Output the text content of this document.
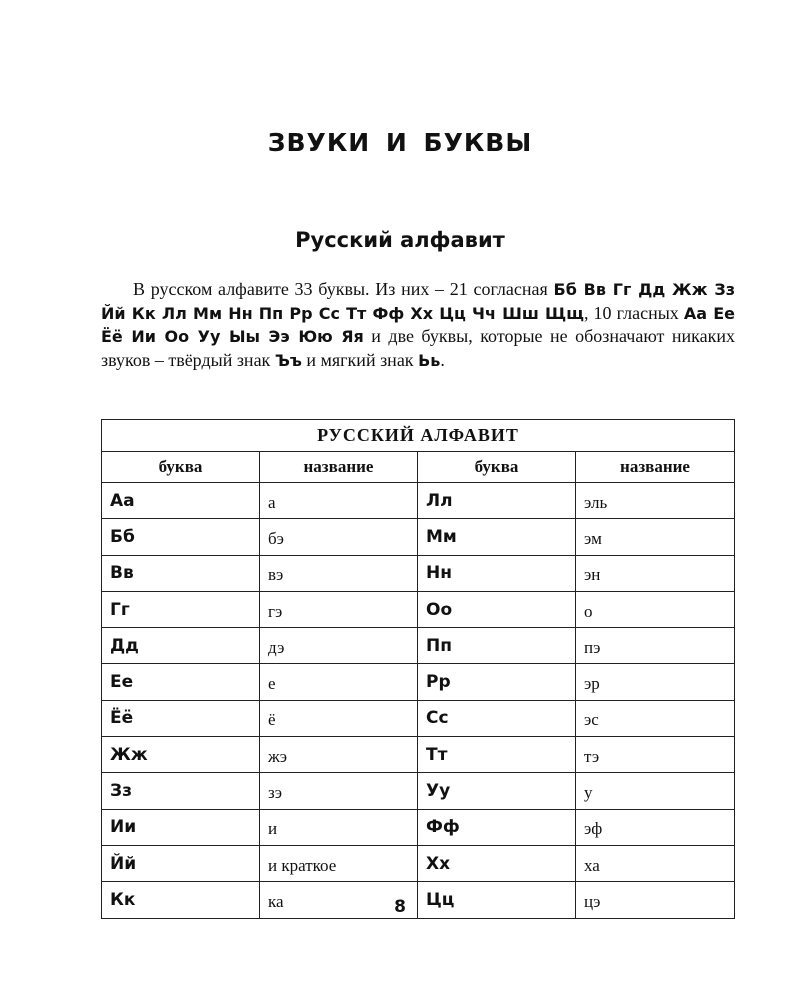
ЗВУКИ И БУКВЫ
Русский алфавит

В русском алфавите 33 буквы. Из них – 21 согласная Бб Вв Гг Дд Жж Зз Йй Кк Лл Мм Нн Пп Рр Сс Тт Фф Хх Цц Чч Шш Щщ, 10 гласных Аа Ее Ёё Ии Оо Уу Ыы Ээ Юю Яя и две буквы, которые не обозначают никаких звуков – твёрдый знак Ъъ и мягкий знак Ьь.

РУССКИЙ АЛФАВИТ			
буква	название	буква	название
Аа	а	Лл	эль
Бб	бэ	Мм	эм
Вв	вэ	Нн	эн
Гг	гэ	Оо	о
Дд	дэ	Пп	пэ
Ее	е	Рр	эр
Ёё	ё	Сс	эс
Жж	жэ	Тт	тэ
Зз	зэ	Уу	у
Ии	и	Фф	эф
Йй	и краткое	Хх	ха
Кк	ка	Цц	цэ
8
